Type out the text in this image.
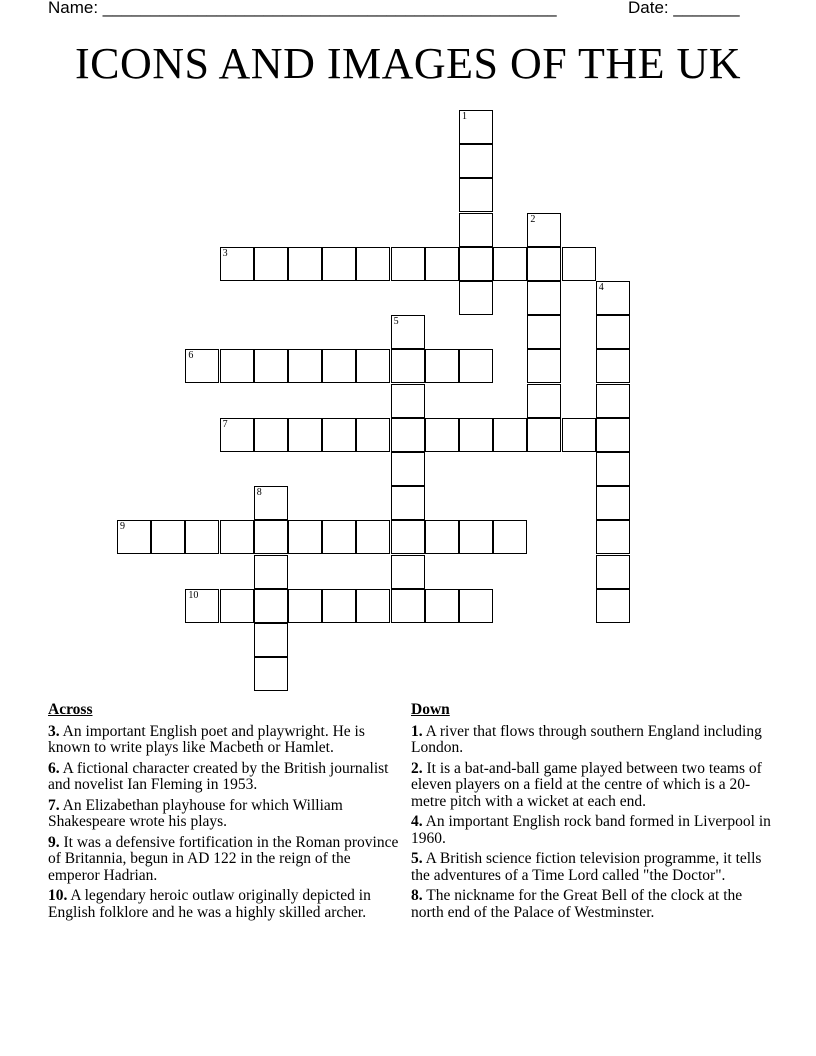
Name: ________________________________________________	Date: _______
ICONS AND IMAGES OF THE UK
1
2
3
4
5
6
7
8
9
10
Across
3. An important English poet and playwright. He is known to write plays like Macbeth or Hamlet.
6. A fictional character created by the British journalist and novelist Ian Fleming in 1953.
7. An Elizabethan playhouse for which William Shakespeare wrote his plays.
9. It was a defensive fortification in the Roman province of Britannia, begun in AD 122 in the reign of the emperor Hadrian.
10. A legendary heroic outlaw originally depicted in English folklore and he was a highly skilled archer.
Down
1. A river that flows through southern England including London.
2. It is a bat-and-ball game played between two teams of eleven players on a field at the centre of which is a 20-metre pitch with a wicket at each end.
4. An important English rock band formed in Liverpool in 1960.
5. A British science fiction television programme, it tells the adventures of a Time Lord called "the Doctor".
8. The nickname for the Great Bell of the clock at the north end of the Palace of Westminster.
